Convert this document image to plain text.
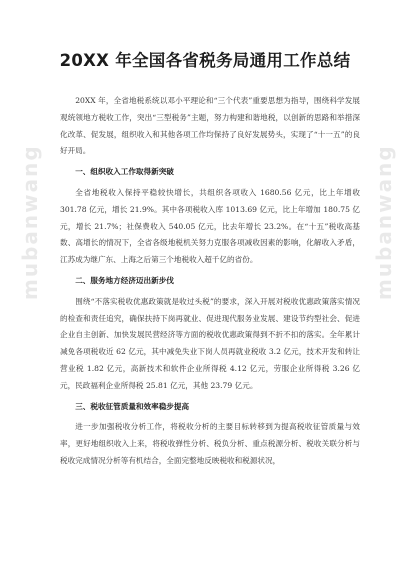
20XX 年全国各省税务局通用工作总结

20XX 年，全省地税系统以邓小平理论和“三个代表”重要思想为指导，围绕科学发展观统领地方税收工作，突出“三型税务”主题，努力构建和谐地税，以创新的思路和举措深化改革、促发展，组织收入和其他各项工作均保持了良好发展势头，实现了“十一五”的良好开局。

一、组织收入工作取得新突破

全省地税收入保持平稳较快增长，共组织各项收入 1680.56 亿元，比上年增收 301.78 亿元，增长 21.9%。其中各项税收入库 1013.69 亿元，比上年增加 180.75 亿元，增长 21.7%；社保费收入 540.05 亿元，比去年增长 23.2%。在“十五”税收高基数、高增长的情况下，全省各级地税机关努力克服各项减收因素的影响，化解收入矛盾，江苏成为继广东、上海之后第三个地税收入超千亿的省份。

二、服务地方经济迈出新步伐

围绕“不落实税收优惠政策就是收过头税”的要求，深入开展对税收优惠政策落实情况的检查和责任追究，确保扶持下岗再就业、促进现代服务业发展、建设节约型社会、促进企业自主创新、加快发展民营经济等方面的税收优惠政策得到不折不扣的落实。全年累计减免各项税收近 62 亿元，其中减免失业下岗人员再就业税收 3.2 亿元，技术开发和转让营业税 1.82 亿元，高新技术和软件企业所得税 4.12 亿元，劳服企业所得税 3.26 亿元，民政福利企业所得税 25.81 亿元，其他 23.79 亿元。

三、税收征管质量和效率稳步提高

进一步加强税收分析工作，将税收分析的主要目标转移到为提高税收征管质量与效率，更好地组织收入上来，将税收弹性分析、税负分析、重点税源分析、税收关联分析与税收完成情况分析等有机结合，全面完整地反映税收和税源状况，

mubanwang	mubanwang
